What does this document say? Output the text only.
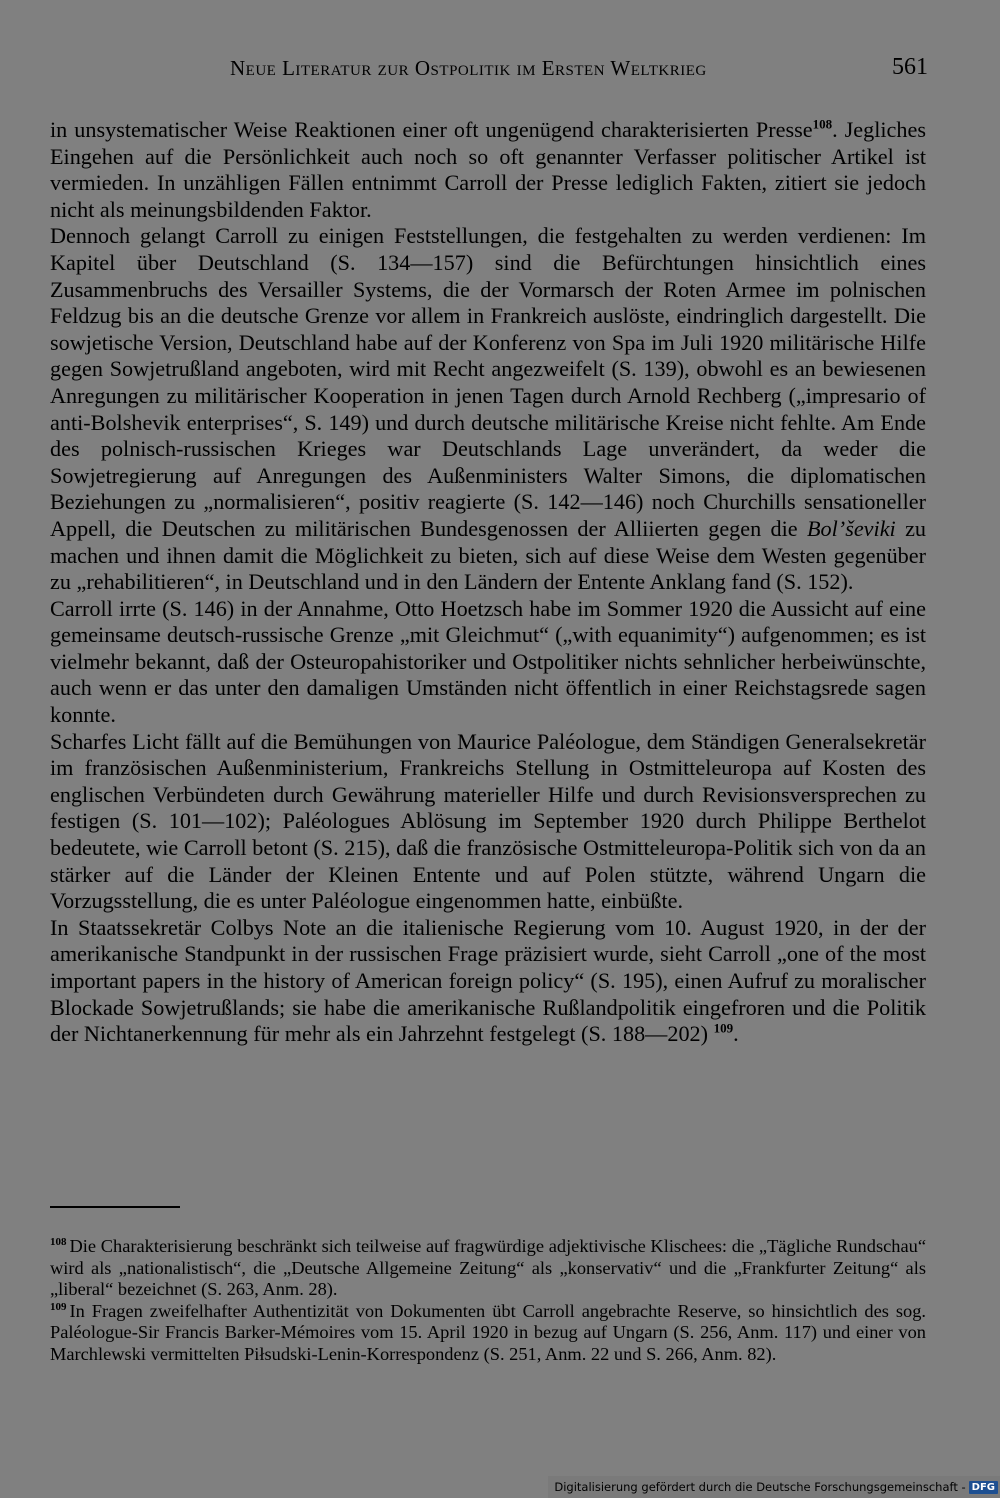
Neue Literatur zur Ostpolitik im Ersten Weltkrieg	561

in unsystematischer Weise Reaktionen einer oft ungenügend charakterisierten Presse$^{108}$. Jegliches Eingehen auf die Persönlichkeit auch noch so oft genannter Verfasser politischer Artikel ist vermieden. In unzähligen Fällen entnimmt Carroll der Presse lediglich Fakten, zitiert sie jedoch nicht als meinungsbildenden Faktor.

Dennoch gelangt Carroll zu einigen Feststellungen, die festgehalten zu werden verdienen: Im Kapitel über Deutschland (S. 134—157) sind die Befürchtungen hinsichtlich eines Zusammenbruchs des Versailler Systems, die der Vormarsch der Roten Armee im polnischen Feldzug bis an die deutsche Grenze vor allem in Frankreich auslöste, eindringlich dargestellt. Die sowjetische Version, Deutschland habe auf der Konferenz von Spa im Juli 1920 militärische Hilfe gegen Sowjetrußland angeboten, wird mit Recht angezweifelt (S. 139), obwohl es an bewiesenen Anregungen zu militärischer Kooperation in jenen Tagen durch Arnold Rechberg („impresario of anti-Bolshevik enterprises“, S. 149) und durch deutsche militärische Kreise nicht fehlte. Am Ende des polnisch-russischen Krieges war Deutschlands Lage unverändert, da weder die Sowjetregierung auf Anregungen des Außenministers Walter Simons, die diplomatischen Beziehungen zu „normalisieren“, positiv reagierte (S. 142—146) noch Churchills sensationeller Appell, die Deutschen zu militärischen Bundesgenossen der Alliierten gegen die Bol’ševiki zu machen und ihnen damit die Möglichkeit zu bieten, sich auf diese Weise dem Westen gegenüber zu „rehabilitieren“, in Deutschland und in den Ländern der Entente Anklang fand (S. 152).

Carroll irrte (S. 146) in der Annahme, Otto Hoetzsch habe im Sommer 1920 die Aussicht auf eine gemeinsame deutsch-russische Grenze „mit Gleichmut“ („with equanimity“) aufgenommen; es ist vielmehr bekannt, daß der Osteuropahistoriker und Ostpolitiker nichts sehnlicher herbeiwünschte, auch wenn er das unter den damaligen Umständen nicht öffentlich in einer Reichstagsrede sagen konnte.

Scharfes Licht fällt auf die Bemühungen von Maurice Paléologue, dem Ständigen Generalsekretär im französischen Außenministerium, Frankreichs Stellung in Ostmitteleuropa auf Kosten des englischen Verbündeten durch Gewährung materieller Hilfe und durch Revisionsversprechen zu festigen (S. 101—102); Paléologues Ablösung im September 1920 durch Philippe Berthelot bedeutete, wie Carroll betont (S. 215), daß die französische Ostmitteleuropa-Politik sich von da an stärker auf die Länder der Kleinen Entente und auf Polen stützte, während Ungarn die Vorzugsstellung, die es unter Paléologue eingenommen hatte, einbüßte.

In Staatssekretär Colbys Note an die italienische Regierung vom 10. August 1920, in der der amerikanische Standpunkt in der russischen Frage präzisiert wurde, sieht Carroll „one of the most important papers in the history of American foreign policy“ (S. 195), einen Aufruf zu moralischer Blockade Sowjetrußlands; sie habe die amerikanische Rußlandpolitik eingefroren und die Politik der Nichtanerkennung für mehr als ein Jahrzehnt festgelegt (S. 188—202) $^{109}$.

$^{108}$ Die Charakterisierung beschränkt sich teilweise auf fragwürdige adjektivische Klischees: die „Tägliche Rundschau“ wird als „nationalistisch“, die „Deutsche Allgemeine Zeitung“ als „konservativ“ und die „Frankfurter Zeitung“ als „liberal“ bezeichnet (S. 263, Anm. 28).

$^{109}$ In Fragen zweifelhafter Authentizität von Dokumenten übt Carroll angebrachte Reserve, so hinsichtlich des sog. Paléologue-Sir Francis Barker-Mémoires vom 15. April 1920 in bezug auf Ungarn (S. 256, Anm. 117) und einer von Marchlewski vermittelten Piłsudski-Lenin-Korrespondenz (S. 251, Anm. 22 und S. 266, Anm. 82).

Digitalisierung gefördert durch die Deutsche Forschungsgemeinschaft - DFG
